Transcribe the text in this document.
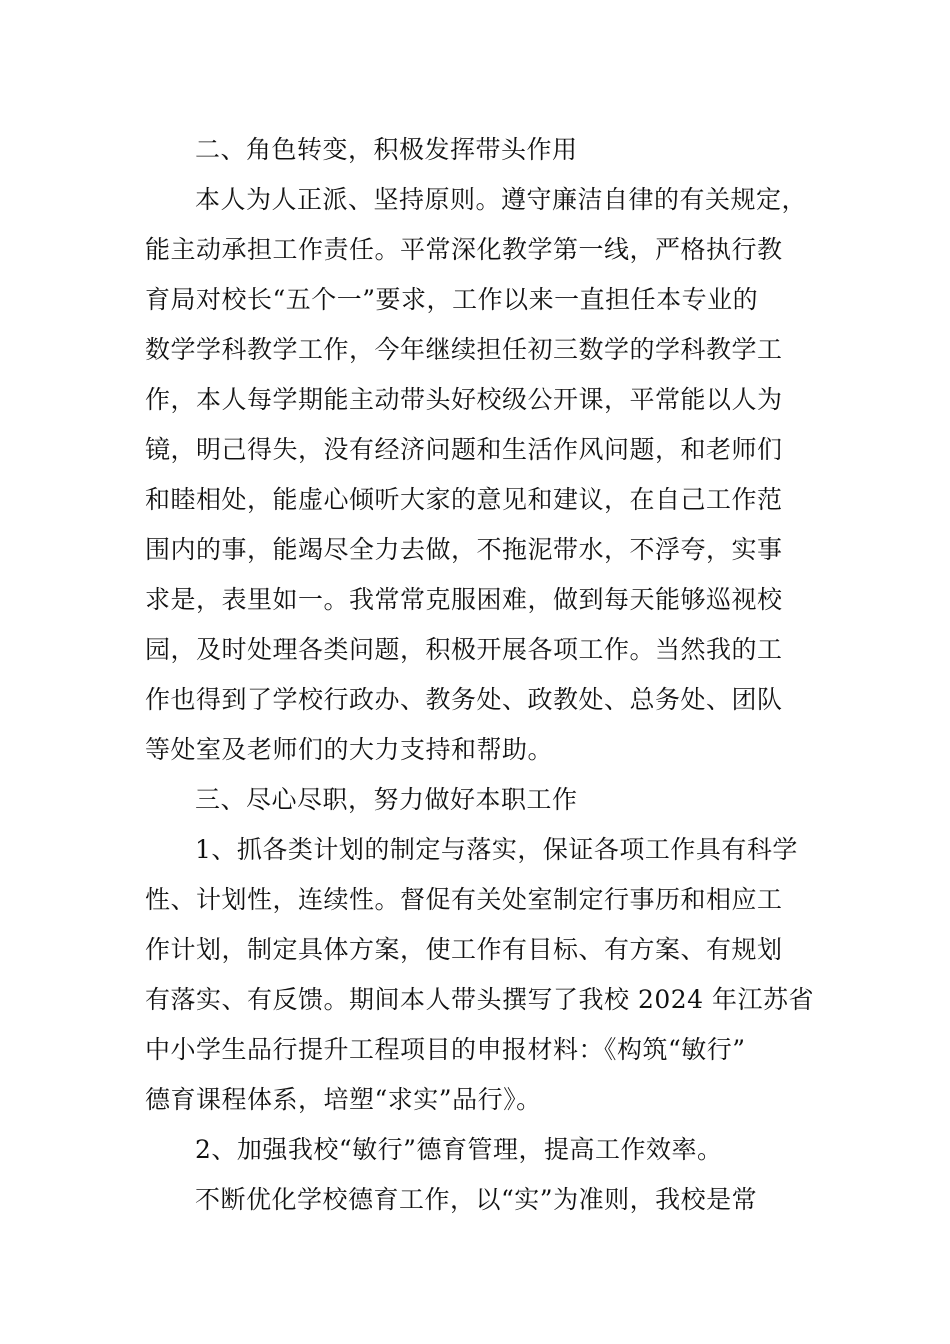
二、角色转变，积极发挥带头作用
本人为人正派、坚持原则。遵守廉洁自律的有关规定，
能主动承担工作责任。平常深化教学第一线，严格执行教
育局对校长“五个一”要求，工作以来一直担任本专业的
数学学科教学工作，今年继续担任初三数学的学科教学工
作，本人每学期能主动带头好校级公开课，平常能以人为
镜，明己得失，没有经济问题和生活作风问题，和老师们
和睦相处，能虚心倾听大家的意见和建议，在自己工作范
围内的事，能竭尽全力去做，不拖泥带水，不浮夸，实事
求是，表里如一。我常常克服困难，做到每天能够巡视校
园，及时处理各类问题，积极开展各项工作。当然我的工
作也得到了学校行政办、教务处、政教处、总务处、团队
等处室及老师们的大力支持和帮助。
三、尽心尽职，努力做好本职工作
1、抓各类计划的制定与落实，保证各项工作具有科学
性、计划性，连续性。督促有关处室制定行事历和相应工
作计划，制定具体方案，使工作有目标、有方案、有规划
有落实、有反馈。期间本人带头撰写了我校 2024 年江苏省
中小学生品行提升工程项目的申报材料：《构筑“敏行”
德育课程体系，培塑“求实”品行》。
2、加强我校“敏行”德育管理，提高工作效率。
不断优化学校德育工作，以“实”为准则，我校是常
